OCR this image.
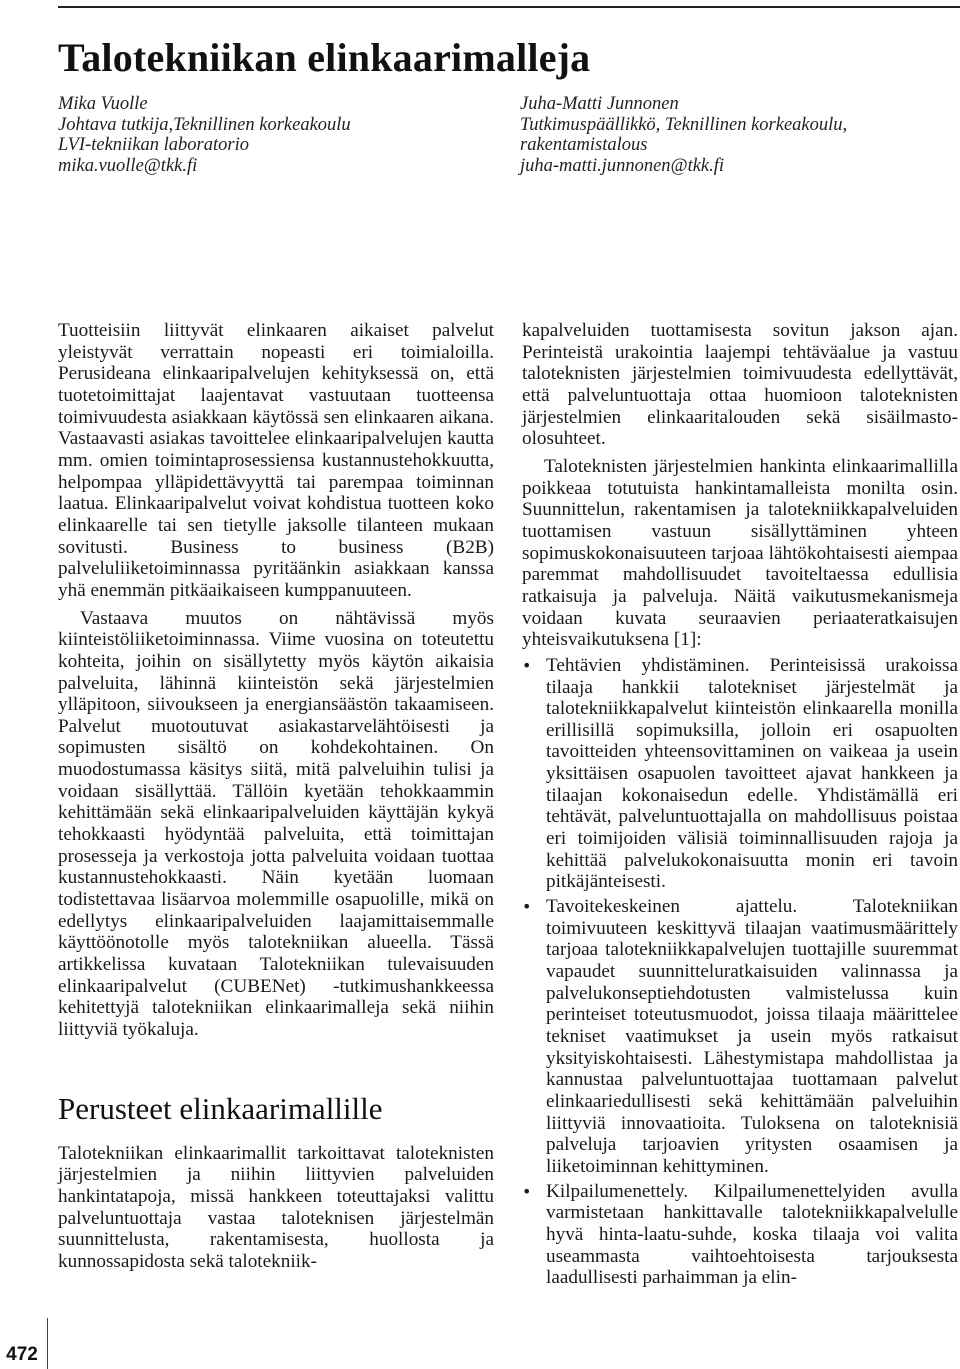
Talotekniikan elinkaarimalleja
Mika Vuolle
Johtava tutkija,Teknillinen korkeakoulu
LVI-tekniikan laboratorio
mika.vuolle@tkk.fi
Juha-Matti Junnonen
Tutkimuspäällikkö, Teknillinen korkeakoulu,
rakentamistalous
juha-matti.junnonen@tkk.fi

Tuotteisiin liittyvät elinkaaren aikaiset palvelut yleistyvät verrattain nopeasti eri toimialoilla. Perusideana elinkaaripalvelujen kehityksessä on, että tuotetoimittajat laajentavat vastuutaan tuotteensa toimivuudesta asiakkaan käytössä sen elinkaaren aikana. Vastaavasti asiakas tavoittelee elinkaaripalvelujen kautta mm. omien toimintaprosessiensa kustannustehokkuutta, helpompaa ylläpidettävyyttä tai parempaa toiminnan laatua. Elinkaaripalvelut voivat kohdistua tuotteen koko elinkaarelle tai sen tietylle jaksolle tilanteen mukaan sovitusti. Business to business (B2B) palveluliiketoiminnassa pyritäänkin asiakkaan kanssa yhä enemmän pitkäaikaiseen kumppanuuteen.

Vastaava muutos on nähtävissä myös kiinteistöliiketoiminnassa. Viime vuosina on toteutettu kohteita, joihin on sisällytetty myös käytön aikaisia palveluita, lähinnä kiinteistön sekä järjestelmien ylläpitoon, siivoukseen ja energiansäästön takaamiseen. Palvelut muotoutuvat asiakastarvelähtöisesti ja sopimusten sisältö on kohdekohtainen. On muodostumassa käsitys siitä, mitä palveluihin tulisi ja voidaan sisällyttää. Tällöin kyetään tehokkaammin kehittämään sekä elinkaaripalveluiden käyttäjän kykyä tehokkaasti hyödyntää palveluita, että toimittajan prosesseja ja verkostoja jotta palveluita voidaan tuottaa kustannustehokkaasti. Näin kyetään luomaan todistettavaa lisäarvoa molemmille osapuolille, mikä on edellytys elinkaaripalveluiden laajamittaisemmalle käyttöönotolle myös talotekniikan alueella. Tässä artikkelissa kuvataan Talotekniikan tulevaisuuden elinkaaripalvelut (CUBENet) -tutkimushankkeessa kehitettyjä talotekniikan elinkaarimalleja sekä niihin liittyviä työkaluja.

Perusteet elinkaarimallille

Talotekniikan elinkaarimallit tarkoittavat taloteknisten järjestelmien ja niihin liittyvien palveluiden hankintatapoja, missä hankkeen toteuttajaksi valittu palveluntuottaja vastaa taloteknisen järjestelmän suunnittelusta, rakentamisesta, huollosta ja kunnossapidosta sekä talotekniik-

kapalveluiden tuottamisesta sovitun jakson ajan. Perinteistä urakointia laajempi tehtäväalue ja vastuu taloteknisten järjestelmien toimivuudesta edellyttävät, että palveluntuottaja ottaa huomioon taloteknisten järjestelmien elinkaaritalouden sekä sisäilmasto-olosuhteet.

Taloteknisten järjestelmien hankinta elinkaarimallilla poikkeaa totutuista hankintamalleista monilta osin. Suunnittelun, rakentamisen ja talotekniikkapalveluiden tuottamisen vastuun sisällyttäminen yhteen sopimuskokonaisuuteen tarjoaa lähtökohtaisesti aiempaa paremmat mahdollisuudet tavoiteltaessa edullisia ratkaisuja ja palveluja. Näitä vaikutusmekanismeja voidaan kuvata seuraavien periaateratkaisujen yhteisvaikutuksena [1]:

• Tehtävien yhdistäminen. Perinteisissä urakoissa tilaaja hankkii talotekniset järjestelmät ja talotekniikkapalvelut kiinteistön elinkaarella monilla erillisillä sopimuksilla, jolloin eri osapuolten tavoitteiden yhteensovittaminen on vaikeaa ja usein yksittäisen osapuolen tavoitteet ajavat hankkeen ja tilaajan kokonaisedun edelle. Yhdistämällä eri tehtävät, palveluntuottajalla on mahdollisuus poistaa eri toimijoiden välisiä toiminnallisuuden rajoja ja kehittää palvelukokonaisuutta monin eri tavoin pitkäjänteisesti.
• Tavoitekeskeinen ajattelu. Talotekniikan toimivuuteen keskittyvä tilaajan vaatimusmäärittely tarjoaa talotekniikkapalvelujen tuottajille suuremmat vapaudet suunnitteluratkaisuiden valinnassa ja palvelukonseptiehdotusten valmistelussa kuin perinteiset toteutusmuodot, joissa tilaaja määrittelee tekniset vaatimukset ja usein myös ratkaisut yksityiskohtaisesti. Lähestymistapa mahdollistaa ja kannustaa palveluntuottajaa tuottamaan palvelut elinkaariedullisesti sekä kehittämään palveluihin liittyviä innovaatioita. Tuloksena on taloteknisiä palveluja tarjoavien yritysten osaamisen ja liiketoiminnan kehittyminen.
• Kilpailumenettely. Kilpailumenettelyiden avulla varmistetaan hankittavalle talotekniikkapalvelulle hyvä hinta-laatu-suhde, koska tilaaja voi valita useammasta vaihtoehtoisesta tarjouksesta laadullisesti parhaimman ja elin-
472
